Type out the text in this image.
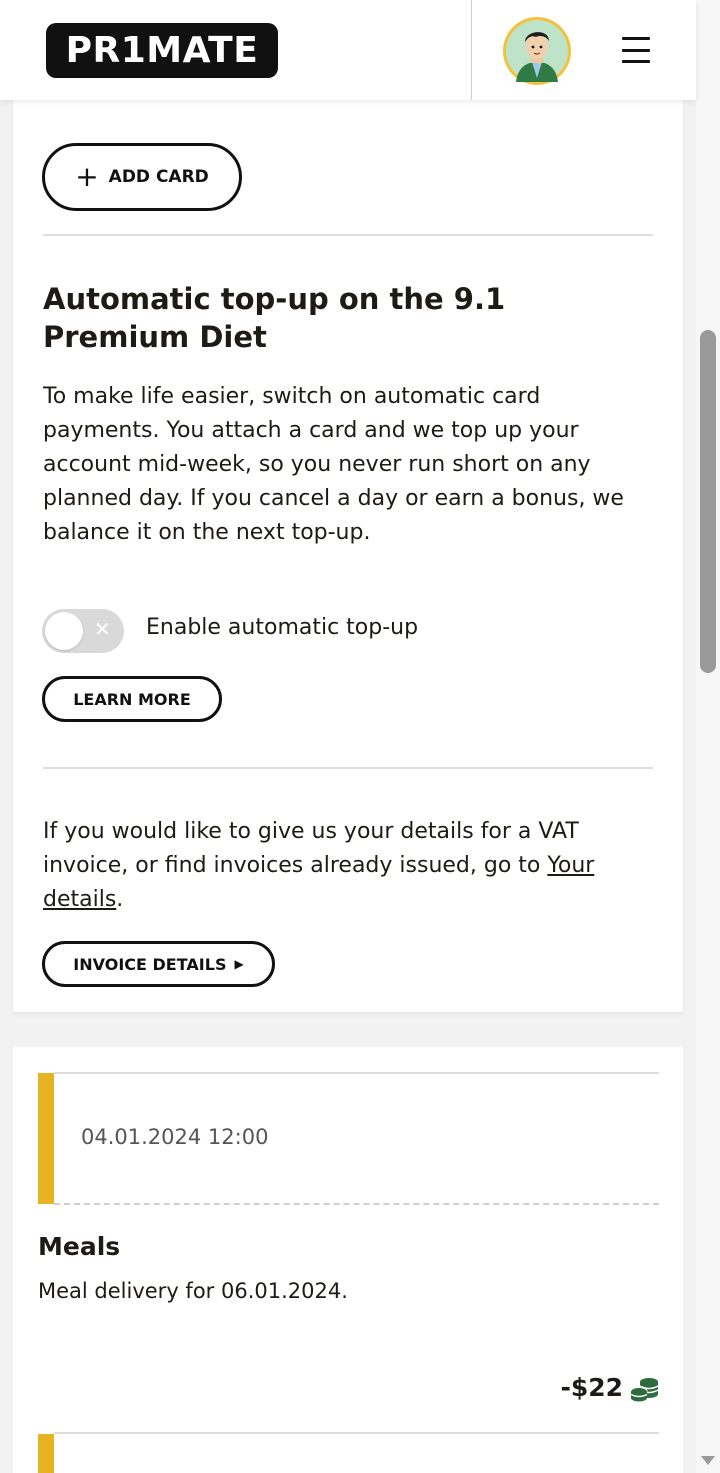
PR1MATE
+ ADD CARD
Automatic top-up on the 9.1 Premium Diet
To make life easier, switch on automatic card payments. You attach a card and we top up your account mid-week, so you never run short on any planned day. If you cancel a day or earn a bonus, we balance it on the next top-up.
✕ Enable automatic top-up
LEARN MORE
If you would like to give us your details for a VAT invoice, or find invoices already issued, go to Your details.
INVOICE DETAILS ▶
04.01.2024 12:00
Meals
Meal delivery for 06.01.2024.
-$22
